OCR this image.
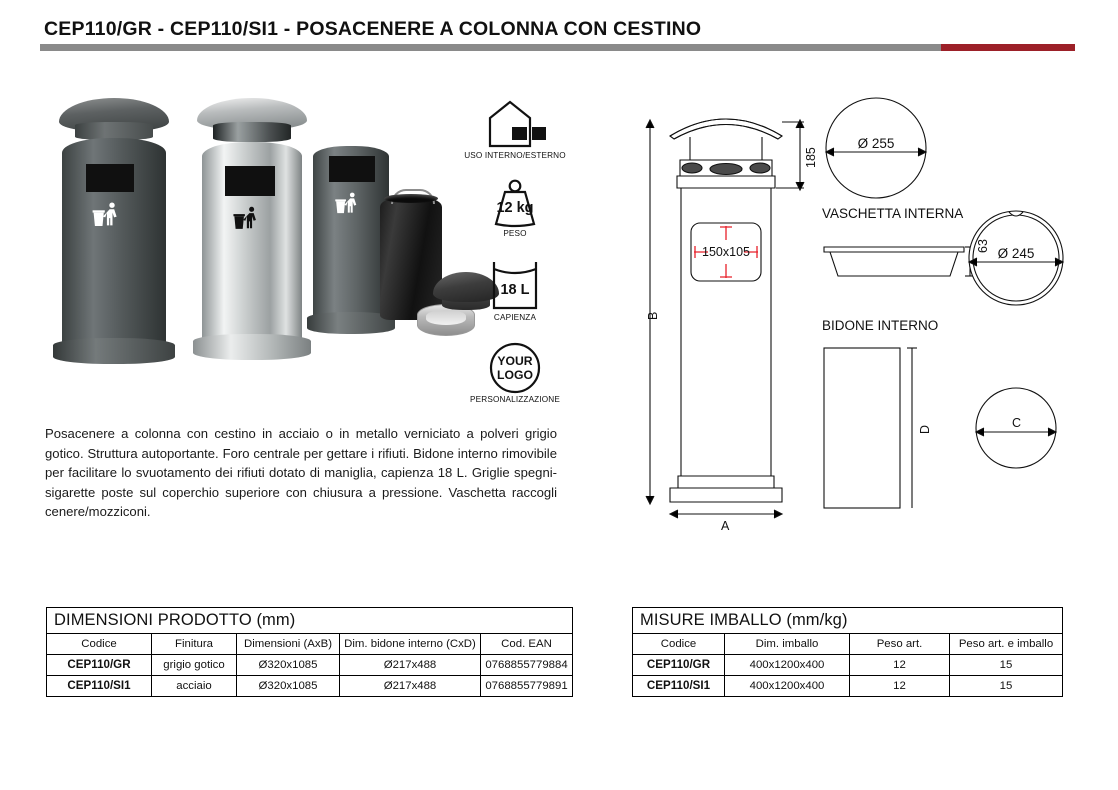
CEP110/GR - CEP110/SI1 - POSACENERE A COLONNA CON CESTINO
USO INTERNO/ESTERNO
12 kg
PESO
18 L
CAPIENZA
YOUR
LOGO
PERSONALIZZAZIONE
Posacenere a colonna con cestino in acciaio o in metallo verniciato a polveri grigio gotico. Struttura autoportante. Foro centrale per gettare i rifiuti. Bidone interno rimovibile per facilitare lo svuotamento dei rifiuti dotato di maniglia, capienza 18 L. Griglie spegni-sigarette poste sul coperchio superiore con chiusura a pressione. Vaschetta raccogli cenere/mozziconi.
150x105
Ø 255
Ø 245
B
A
185
VASCHETTA INTERNA
63
BIDONE INTERNO
D	C
DIMENSIONI PRODOTTO (mm)				
Codice	Finitura	Dimensioni (AxB)	Dim. bidone interno (CxD)	Cod. EAN
CEP110/GR	grigio gotico	Ø320x1085	Ø217x488	0768855779884
CEP110/SI1	acciaio	Ø320x1085	Ø217x488	0768855779891
MISURE IMBALLO (mm/kg)			
Codice	Dim. imballo	Peso art.	Peso art. e imballo
CEP110/GR	400x1200x400	12	15
CEP110/SI1	400x1200x400	12	15
